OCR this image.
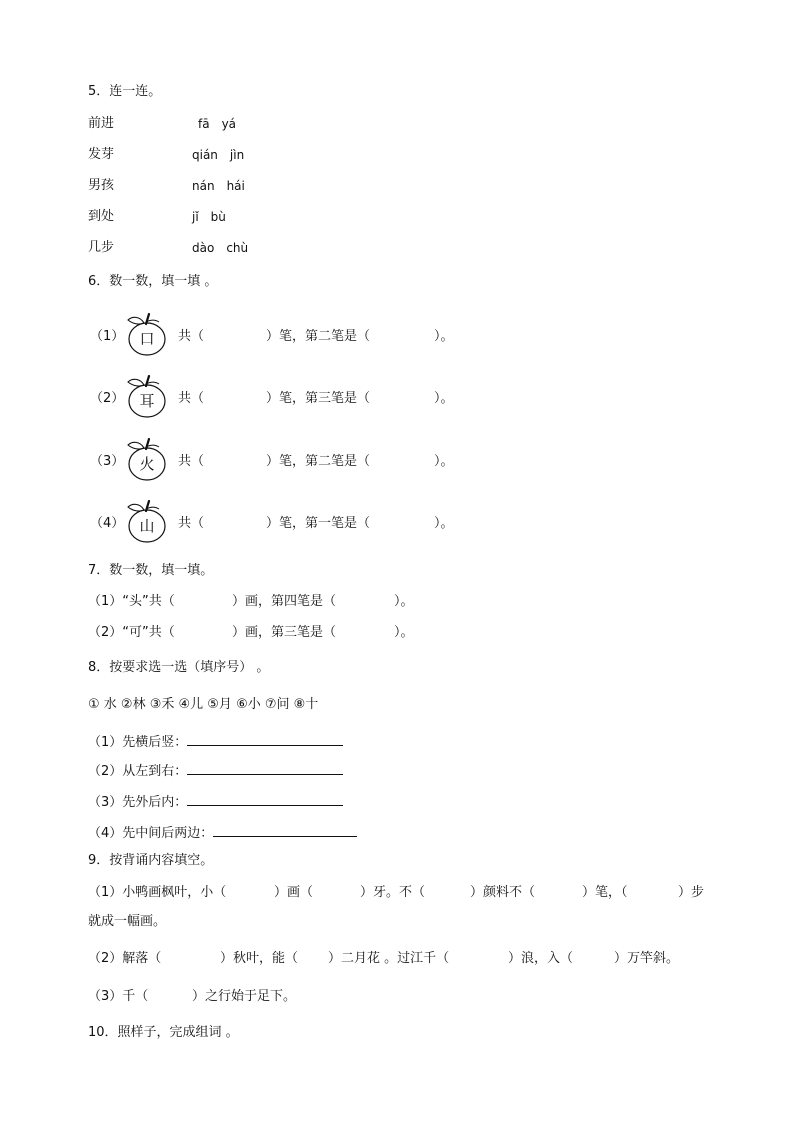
5．连一连。
前进
发芽
男孩
到处
几步
fā　yá
qián　jìn
nán　hái
jǐ　bù
dào　chù
6．数一数，填一填 。
（1）	口	共（	）笔，第二笔是（	）。
（2）	耳	共（	）笔，第三笔是（	）。
（3）	火	共（	）笔，第二笔是（	）。
（4）	山	共（	）笔，第一笔是（	）。
7．数一数，填一填。
（1）“头”共（	）画，第四笔是（	）。
（2）“可”共（	）画，第三笔是（	）。
8．按要求选一选（填序号） 。
① 水 ②林 ③禾 ④儿 ⑤月 ⑥小 ⑦问 ⑧十
（1）先横后竖：
（2）从左到右：
（3）先外后内：
（4）先中间后两边：
9．按背诵内容填空。
（1）小鸭画枫叶，小（	）画（	）牙。不（	）颜料不（	）笔，（	）步
就成一幅画。
（2）解落（	）秋叶，能（ ）二月花 。过江千（	）浪，入（	）万竿斜。
（3）千（	）之行始于足下。
10．照样子，完成组词 。
